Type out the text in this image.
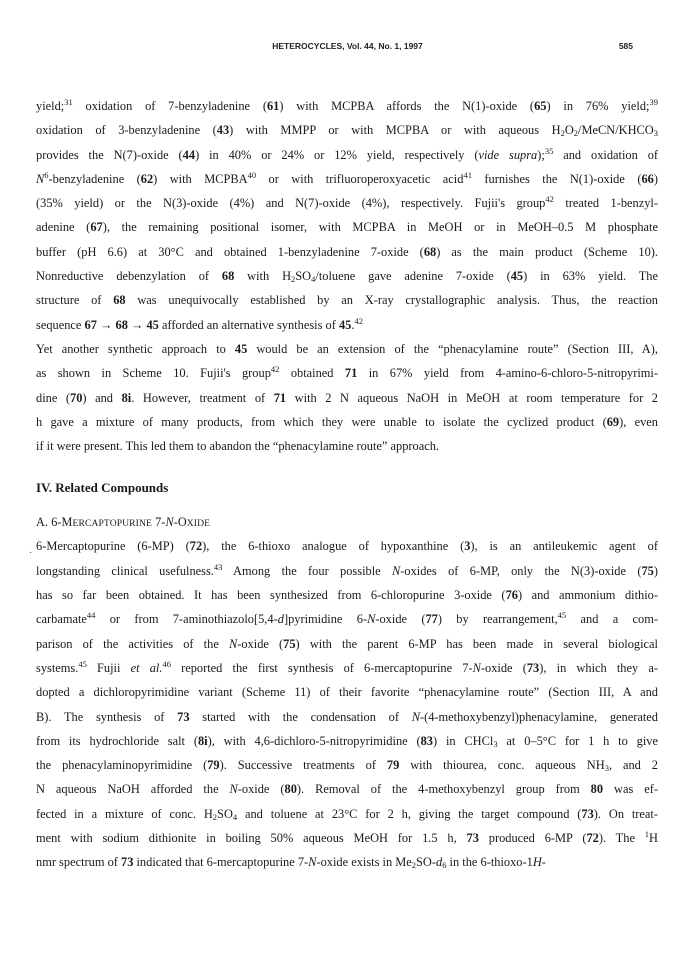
HETEROCYCLES, Vol. 44, No. 1, 1997	585
·
yield;$^{31}$ oxidation of 7-benzyladenine (61) with MCPBA affords the N(1)-oxide (65) in 76% yield;$^{39}$
oxidation of 3-benzyladenine (43) with MMPP or with MCPBA or with aqueous $H_2O_2/MeCN/KHCO_3$
provides the N(7)-oxide (44) in 40% or 24% or 12% yield, respectively (vide supra);$^{35}$ and oxidation of
$N^6$-benzyladenine (62) with MCPBA$^{40}$ or with trifluoroperoxyacetic acid$^{41}$ furnishes the N(1)-oxide (66)
(35% yield) or the N(3)-oxide (4%) and N(7)-oxide (4%), respectively. Fujii's group$^{42}$ treated 1-benzyl-
adenine (67), the remaining positional isomer, with MCPBA in MeOH or in MeOH–0.5 M phosphate
buffer (pH 6.6) at 30°C and obtained 1-benzyladenine 7-oxide (68) as the main product (Scheme 10).
Nonreductive debenzylation of 68 with $H_2SO_4$/toluene gave adenine 7-oxide (45) in 63% yield. The
structure of 68 was unequivocally established by an X-ray crystallographic analysis. Thus, the reaction
sequence 67 → 68 → 45 afforded an alternative synthesis of 45.42
Yet another synthetic approach to 45 would be an extension of the “phenacylamine route” (Section III, A),
as shown in Scheme 10. Fujii's group$^{42}$ obtained 71 in 67% yield from 4-amino-6-chloro-5-nitropyrimi-
dine (70) and 8i. However, treatment of 71 with 2 N aqueous NaOH in MeOH at room temperature for 2
h gave a mixture of many products, from which they were unable to isolate the cyclized product (69), even
if it were present. This led them to abandon the “phenacylamine route” approach.
IV. Related Compounds
A. 6-MERCAPTOPURINE 7-N-OXIDE
6-Mercaptopurine (6-MP) (72), the 6-thioxo analogue of hypoxanthine (3), is an antileukemic agent of
longstanding clinical usefulness.$^{43}$ Among the four possible N-oxides of 6-MP, only the N(3)-oxide (75)
has so far been obtained. It has been synthesized from 6-chloropurine 3-oxide (76) and ammonium dithio-
carbamate$^{44}$ or from 7-aminothiazolo[5,4-d]pyrimidine 6-N-oxide (77) by rearrangement,$^{45}$ and a com-
parison of the activities of the N-oxide (75) with the parent 6-MP has been made in several biological
systems.$^{45}$ Fujii et al.$^{46}$ reported the first synthesis of 6-mercaptopurine 7-N-oxide (73), in which they a-
dopted a dichloropyrimidine variant (Scheme 11) of their favorite “phenacylamine route” (Section III, A and
B). The synthesis of 73 started with the condensation of N-(4-methoxybenzyl)phenacylamine, generated
from its hydrochloride salt (8i), with 4,6-dichloro-5-nitropyrimidine (83) in CHCl$_3$ at 0–5°C for 1 h to give
the phenacylaminopyrimidine (79). Successive treatments of 79 with thiourea, conc. aqueous $NH_3$, and 2
N aqueous NaOH afforded the N-oxide (80). Removal of the 4-methoxybenzyl group from 80 was ef-
fected in a mixture of conc. $H_2SO_4$ and toluene at 23°C for 2 h, giving the target compound (73). On treat-
ment with sodium dithionite in boiling 50% aqueous MeOH for 1.5 h, 73 produced 6-MP (72). The $^1$H
nmr spectrum of 73 indicated that 6-mercaptopurine 7-N-oxide exists in $Me_2SO-d_6$ in the 6-thioxo-1H-
